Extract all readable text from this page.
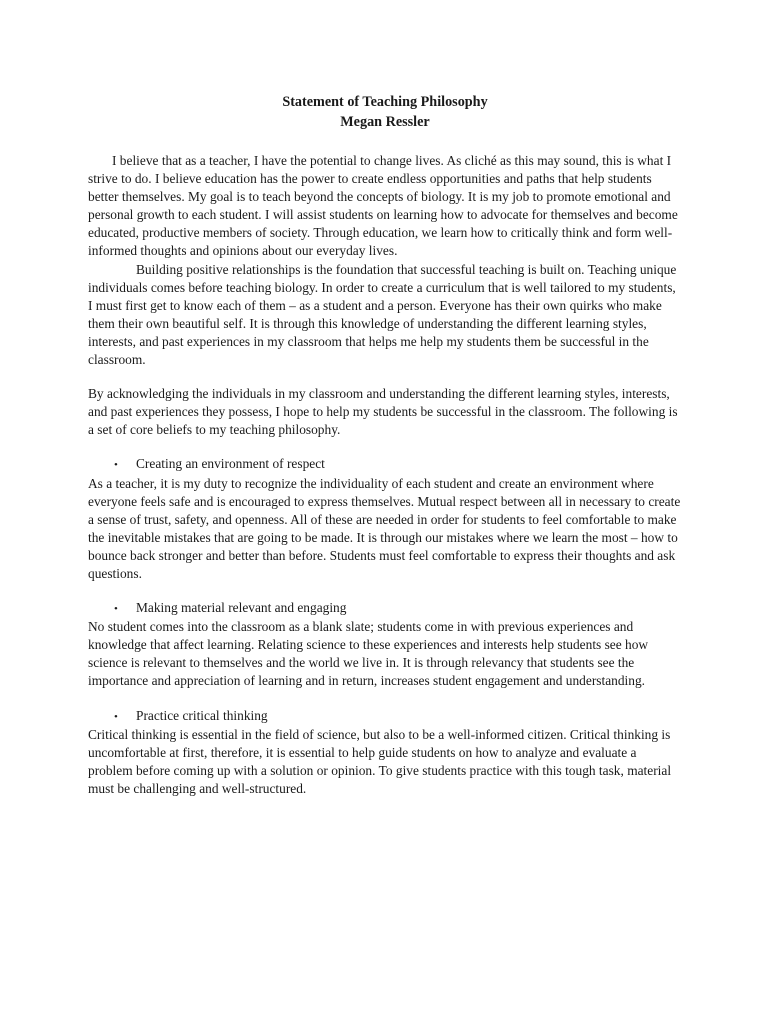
Statement of Teaching Philosophy
Megan Ressler

I believe that as a teacher, I have the potential to change lives. As cliché as this may sound, this is what I strive to do. I believe education has the power to create endless opportunities and paths that help students better themselves. My goal is to teach beyond the concepts of biology. It is my job to promote emotional and personal growth to each student. I will assist students on learning how to advocate for themselves and become educated, productive members of society. Through education, we learn how to critically think and form well-informed thoughts and opinions about our everyday lives.

Building positive relationships is the foundation that successful teaching is built on. Teaching unique individuals comes before teaching biology. In order to create a curriculum that is well tailored to my students, I must first get to know each of them – as a student and a person. Everyone has their own quirks who make them their own beautiful self. It is through this knowledge of understanding the different learning styles, interests, and past experiences in my classroom that helps me help my students them be successful in the classroom.

By acknowledging the individuals in my classroom and understanding the different learning styles, interests, and past experiences they possess, I hope to help my students be successful in the classroom. The following is a set of core beliefs to my teaching philosophy.

•	Creating an environment of respect

As a teacher, it is my duty to recognize the individuality of each student and create an environment where everyone feels safe and is encouraged to express themselves. Mutual respect between all in necessary to create a sense of trust, safety, and openness. All of these are needed in order for students to feel comfortable to make the inevitable mistakes that are going to be made. It is through our mistakes where we learn the most – how to bounce back stronger and better than before. Students must feel comfortable to express their thoughts and ask questions.

•	Making material relevant and engaging

No student comes into the classroom as a blank slate; students come in with previous experiences and knowledge that affect learning. Relating science to these experiences and interests help students see how science is relevant to themselves and the world we live in. It is through relevancy that students see the importance and appreciation of learning and in return, increases student engagement and understanding.

•	Practice critical thinking

Critical thinking is essential in the field of science, but also to be a well-informed citizen. Critical thinking is uncomfortable at first, therefore, it is essential to help guide students on how to analyze and evaluate a problem before coming up with a solution or opinion. To give students practice with this tough task, material must be challenging and well-structured.
